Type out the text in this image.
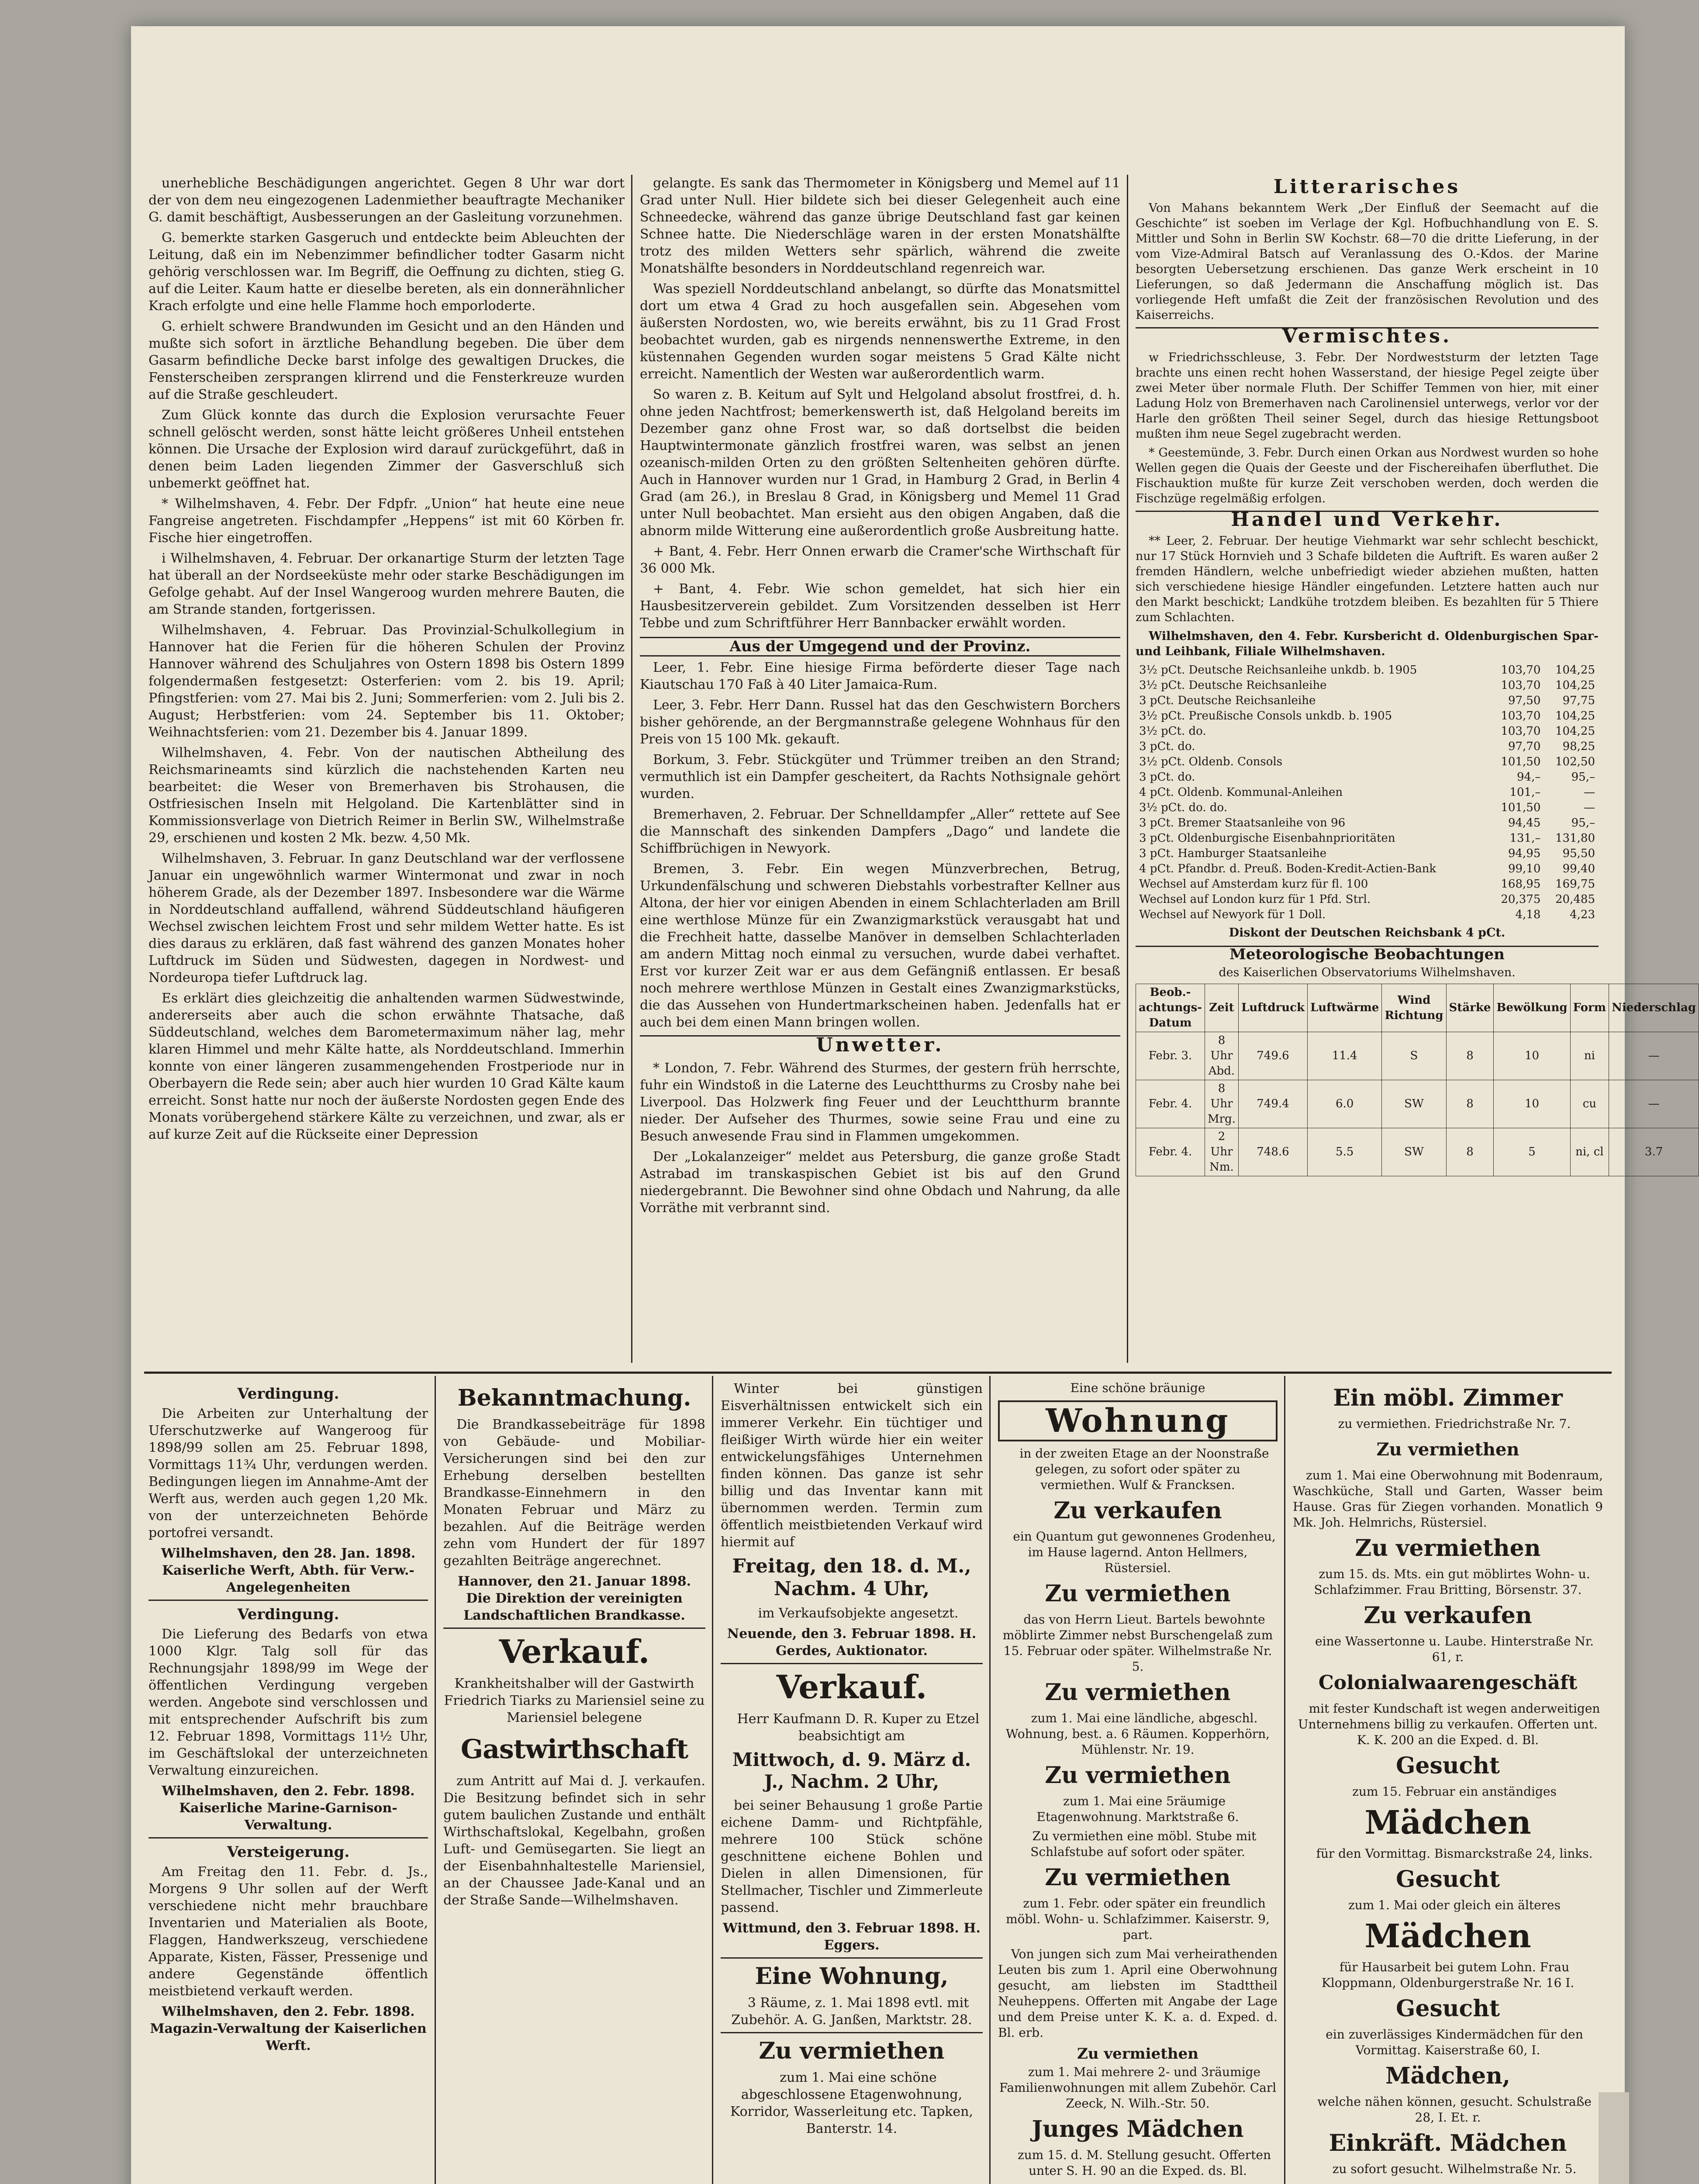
unerhebliche Beschädigungen angerichtet. Gegen 8 Uhr war dort der von dem neu eingezogenen Ladenmiether beauftragte Mechaniker G. damit beschäftigt, Ausbesserungen an der Gasleitung vorzunehmen.

G. bemerkte starken Gasgeruch und entdeckte beim Ableuchten der Leitung, daß ein im Nebenzimmer befindlicher todter Gasarm nicht gehörig verschlossen war. Im Begriff, die Oeffnung zu dichten, stieg G. auf die Leiter. Kaum hatte er dieselbe bereten, als ein donnerähnlicher Krach erfolgte und eine helle Flamme hoch emporloderte.

G. erhielt schwere Brandwunden im Gesicht und an den Händen und mußte sich sofort in ärztliche Behandlung begeben. Die über dem Gasarm befindliche Decke barst infolge des gewaltigen Druckes, die Fensterscheiben zersprangen klirrend und die Fensterkreuze wurden auf die Straße geschleudert.

Zum Glück konnte das durch die Explosion verursachte Feuer schnell gelöscht werden, sonst hätte leicht größeres Unheil entstehen können. Die Ursache der Explosion wird darauf zurückgeführt, daß in denen beim Laden liegenden Zimmer der Gasverschluß sich unbemerkt geöffnet hat.

* Wilhelmshaven, 4. Febr. Der Fdpfr. „Union“ hat heute eine neue Fangreise angetreten. Fischdampfer „Heppens“ ist mit 60 Körben fr. Fische hier eingetroffen.

i Wilhelmshaven, 4. Februar. Der orkanartige Sturm der letzten Tage hat überall an der Nordseeküste mehr oder starke Beschädigungen im Gefolge gehabt. Auf der Insel Wangeroog wurden mehrere Bauten, die am Strande standen, fortgerissen.

Wilhelmshaven, 4. Februar. Das Provinzial-Schulkollegium in Hannover hat die Ferien für die höheren Schulen der Provinz Hannover während des Schuljahres von Ostern 1898 bis Ostern 1899 folgendermaßen festgesetzt: Osterferien: vom 2. bis 19. April; Pfingstferien: vom 27. Mai bis 2. Juni; Sommerferien: vom 2. Juli bis 2. August; Herbstferien: vom 24. September bis 11. Oktober; Weihnachtsferien: vom 21. Dezember bis 4. Januar 1899.

Wilhelmshaven, 4. Febr. Von der nautischen Abtheilung des Reichsmarineamts sind kürzlich die nachstehenden Karten neu bearbeitet: die Weser von Bremerhaven bis Strohausen, die Ostfriesischen Inseln mit Helgoland. Die Kartenblätter sind in Kommissionsverlage von Dietrich Reimer in Berlin SW., Wilhelmstraße 29, erschienen und kosten 2 Mk. bezw. 4,50 Mk.

Wilhelmshaven, 3. Februar. In ganz Deutschland war der verflossene Januar ein ungewöhnlich warmer Wintermonat und zwar in noch höherem Grade, als der Dezember 1897. Insbesondere war die Wärme in Norddeutschland auffallend, während Süddeutschland häufigeren Wechsel zwischen leichtem Frost und sehr mildem Wetter hatte. Es ist dies daraus zu erklären, daß fast während des ganzen Monates hoher Luftdruck im Süden und Südwesten, dagegen in Nordwest- und Nordeuropa tiefer Luftdruck lag.

Es erklärt dies gleichzeitig die anhaltenden warmen Südwestwinde, andererseits aber auch die schon erwähnte Thatsache, daß Süddeutschland, welches dem Barometermaximum näher lag, mehr klaren Himmel und mehr Kälte hatte, als Norddeutschland. Immerhin konnte von einer längeren zusammengehenden Frostperiode nur in Oberbayern die Rede sein; aber auch hier wurden 10 Grad Kälte kaum erreicht. Sonst hatte nur noch der äußerste Nordosten gegen Ende des Monats vorübergehend stärkere Kälte zu verzeichnen, und zwar, als er auf kurze Zeit auf die Rückseite einer Depression

gelangte. Es sank das Thermometer in Königsberg und Memel auf 11 Grad unter Null. Hier bildete sich bei dieser Gelegenheit auch eine Schneedecke, während das ganze übrige Deutschland fast gar keinen Schnee hatte. Die Niederschläge waren in der ersten Monatshälfte trotz des milden Wetters sehr spärlich, während die zweite Monatshälfte besonders in Norddeutschland regenreich war.

Was speziell Norddeutschland anbelangt, so dürfte das Monatsmittel dort um etwa 4 Grad zu hoch ausgefallen sein. Abgesehen vom äußersten Nordosten, wo, wie bereits erwähnt, bis zu 11 Grad Frost beobachtet wurden, gab es nirgends nennenswerthe Extreme, in den küstennahen Gegenden wurden sogar meistens 5 Grad Kälte nicht erreicht. Namentlich der Westen war außerordentlich warm.

So waren z. B. Keitum auf Sylt und Helgoland absolut frostfrei, d. h. ohne jeden Nachtfrost; bemerkenswerth ist, daß Helgoland bereits im Dezember ganz ohne Frost war, so daß dortselbst die beiden Hauptwintermonate gänzlich frostfrei waren, was selbst an jenen ozeanisch-milden Orten zu den größten Seltenheiten gehören dürfte. Auch in Hannover wurden nur 1 Grad, in Hamburg 2 Grad, in Berlin 4 Grad (am 26.), in Breslau 8 Grad, in Königsberg und Memel 11 Grad unter Null beobachtet. Man ersieht aus den obigen Angaben, daß die abnorm milde Witterung eine außerordentlich große Ausbreitung hatte.

+ Bant, 4. Febr. Herr Onnen erwarb die Cramer'sche Wirthschaft für 36 000 Mk.

+ Bant, 4. Febr. Wie schon gemeldet, hat sich hier ein Hausbesitzerverein gebildet. Zum Vorsitzenden desselben ist Herr Tebbe und zum Schriftführer Herr Bannbacker erwählt worden.

Aus der Umgegend und der Provinz.

Leer, 1. Febr. Eine hiesige Firma beförderte dieser Tage nach Kiautschau 170 Faß à 40 Liter Jamaica-Rum.

Leer, 3. Febr. Herr Dann. Russel hat das den Geschwistern Borchers bisher gehörende, an der Bergmannstraße gelegene Wohnhaus für den Preis von 15 100 Mk. gekauft.

Borkum, 3. Febr. Stückgüter und Trümmer treiben an den Strand; vermuthlich ist ein Dampfer gescheitert, da Rachts Nothsignale gehört wurden.

Bremerhaven, 2. Februar. Der Schnelldampfer „Aller“ rettete auf See die Mannschaft des sinkenden Dampfers „Dago“ und landete die Schiffbrüchigen in Newyork.

Bremen, 3. Febr. Ein wegen Münzverbrechen, Betrug, Urkundenfälschung und schweren Diebstahls vorbestrafter Kellner aus Altona, der hier vor einigen Abenden in einem Schlachterladen am Brill eine werthlose Münze für ein Zwanzigmarkstück verausgabt hat und die Frechheit hatte, dasselbe Manöver in demselben Schlachterladen am andern Mittag noch einmal zu versuchen, wurde dabei verhaftet. Erst vor kurzer Zeit war er aus dem Gefängniß entlassen. Er besaß noch mehrere werthlose Münzen in Gestalt eines Zwanzigmarkstücks, die das Aussehen von Hundertmarkscheinen haben. Jedenfalls hat er auch bei dem einen Mann bringen wollen.

Unwetter.

* London, 7. Febr. Während des Sturmes, der gestern früh herrschte, fuhr ein Windstoß in die Laterne des Leuchtthurms zu Crosby nahe bei Liverpool. Das Holzwerk fing Feuer und der Leuchtthurm brannte nieder. Der Aufseher des Thurmes, sowie seine Frau und eine zu Besuch anwesende Frau sind in Flammen umgekommen.

Der „Lokalanzeiger“ meldet aus Petersburg, die ganze große Stadt Astrabad im transkaspischen Gebiet ist bis auf den Grund niedergebrannt. Die Bewohner sind ohne Obdach und Nahrung, da alle Vorräthe mit verbrannt sind.

Litterarisches

Von Mahans bekanntem Werk „Der Einfluß der Seemacht auf die Geschichte“ ist soeben im Verlage der Kgl. Hofbuchhandlung von E. S. Mittler und Sohn in Berlin SW Kochstr. 68—70 die dritte Lieferung, in der vom Vize-Admiral Batsch auf Veranlassung des O.-Kdos. der Marine besorgten Uebersetzung erschienen. Das ganze Werk erscheint in 10 Lieferungen, so daß Jedermann die Anschaffung möglich ist. Das vorliegende Heft umfaßt die Zeit der französischen Revolution und des Kaiserreichs.

Vermischtes.

w Friedrichsschleuse, 3. Febr. Der Nordweststurm der letzten Tage brachte uns einen recht hohen Wasserstand, der hiesige Pegel zeigte über zwei Meter über normale Fluth. Der Schiffer Temmen von hier, mit einer Ladung Holz von Bremerhaven nach Carolinensiel unterwegs, verlor vor der Harle den größten Theil seiner Segel, durch das hiesige Rettungsboot mußten ihm neue Segel zugebracht werden.

* Geestemünde, 3. Febr. Durch einen Orkan aus Nordwest wurden so hohe Wellen gegen die Quais der Geeste und der Fischereihafen überfluthet. Die Fischauktion mußte für kurze Zeit verschoben werden, doch werden die Fischzüge regelmäßig erfolgen.

Handel und Verkehr.

** Leer, 2. Februar. Der heutige Viehmarkt war sehr schlecht beschickt, nur 17 Stück Hornvieh und 3 Schafe bildeten die Auftrift. Es waren außer 2 fremden Händlern, welche unbefriedigt wieder abziehen mußten, hatten sich verschiedene hiesige Händler eingefunden. Letztere hatten auch nur den Markt beschickt; Landkühe trotzdem bleiben. Es bezahlten für 5 Thiere zum Schlachten.

Wilhelmshaven, den 4. Febr. Kursbericht d. Oldenburgischen Spar- und Leihbank, Filiale Wilhelmshaven.

3½ pCt. Deutsche Reichsanleihe unkdb. b. 1905	103,70	104,25
3½ pCt. Deutsche Reichsanleihe	103,70	104,25
3 pCt. Deutsche Reichsanleihe	97,50	97,75
3½ pCt. Preußische Consols unkdb. b. 1905	103,70	104,25
3½ pCt. do.	103,70	104,25
3 pCt. do.	97,70	98,25
3½ pCt. Oldenb. Consols	101,50	102,50
3 pCt. do.	94,–	95,–
4 pCt. Oldenb. Kommunal-Anleihen	101,–	—
3½ pCt. do. do.	101,50	—
3 pCt. Bremer Staatsanleihe von 96	94,45	95,–
3 pCt. Oldenburgische Eisenbahnprioritäten	131,–	131,80
3 pCt. Hamburger Staatsanleihe	94,95	95,50
4 pCt. Pfandbr. d. Preuß. Boden-Kredit-Actien-Bank	99,10	99,40
Wechsel auf Amsterdam kurz für fl. 100	168,95	169,75
Wechsel auf London kurz für 1 Pfd. Strl.	20,375	20,485
Wechsel auf Newyork für 1 Doll.	4,18	4,23
Diskont der Deutschen Reichsbank 4 pCt.
Meteorologische Beobachtungen
des Kaiserlichen Observatoriums Wilhelmshaven.
Beob.-achtungs-Datum	Zeit	Luftdruck	Luftwärme	Wind Richtung	Stärke	Bewölkung	Form	Niederschlag
Febr. 3.	8 Uhr Abd.	749.6	11.4	S	8	10	ni	—
Febr. 4.	8 Uhr Mrg.	749.4	6.0	SW	8	10	cu	—
Febr. 4.	2 Uhr Nm.	748.6	5.5	SW	8	5	ni, cl	3.7
Verdingung.

Die Arbeiten zur Unterhaltung der Uferschutzwerke auf Wangeroog für 1898/99 sollen am 25. Februar 1898, Vormittags 11¾ Uhr, verdungen werden. Bedingungen liegen im Annahme-Amt der Werft aus, werden auch gegen 1,20 Mk. von der unterzeichneten Behörde portofrei versandt.

Wilhelmshaven, den 28. Jan. 1898. Kaiserliche Werft, Abth. für Verw.-Angelegenheiten

Verdingung.

Die Lieferung des Bedarfs von etwa 1000 Klgr. Talg soll für das Rechnungsjahr 1898/99 im Wege der öffentlichen Verdingung vergeben werden. Angebote sind verschlossen und mit entsprechender Aufschrift bis zum 12. Februar 1898, Vormittags 11½ Uhr, im Geschäftslokal der unterzeichneten Verwaltung einzureichen.

Wilhelmshaven, den 2. Febr. 1898. Kaiserliche Marine-Garnison-Verwaltung.

Versteigerung.

Am Freitag den 11. Febr. d. Js., Morgens 9 Uhr sollen auf der Werft verschiedene nicht mehr brauchbare Inventarien und Materialien als Boote, Flaggen, Handwerkszeug, verschiedene Apparate, Kisten, Fässer, Pressenige und andere Gegenstände öffentlich meistbietend verkauft werden.

Wilhelmshaven, den 2. Febr. 1898. Magazin-Verwaltung der Kaiserlichen Werft.

Bekanntmachung.

Die Brandkassebeiträge für 1898 von Gebäude- und Mobiliar-Versicherungen sind bei den zur Erhebung derselben bestellten Brandkasse-Einnehmern in den Monaten Februar und März zu bezahlen. Auf die Beiträge werden zehn vom Hundert der für 1897 gezahlten Beiträge angerechnet.

Hannover, den 21. Januar 1898. Die Direktion der vereinigten Landschaftlichen Brandkasse.

Verkauf.

Krankheitshalber will der Gastwirth Friedrich Tiarks zu Mariensiel seine zu Mariensiel belegene

Gastwirthschaft

zum Antritt auf Mai d. J. verkaufen. Die Besitzung befindet sich in sehr gutem baulichen Zustande und enthält Wirthschaftslokal, Kegelbahn, großen Luft- und Gemüsegarten. Sie liegt an der Eisenbahnhaltestelle Mariensiel, an der Chaussee Jade-Kanal und an der Straße Sande—Wilhelmshaven.

Winter bei günstigen Eisverhältnissen entwickelt sich ein immerer Verkehr. Ein tüchtiger und fleißiger Wirth würde hier ein weiter entwickelungsfähiges Unternehmen finden können. Das ganze ist sehr billig und das Inventar kann mit übernommen werden. Termin zum öffentlich meistbietenden Verkauf wird hiermit auf

Freitag, den 18. d. M., Nachm. 4 Uhr,

im Verkaufsobjekte angesetzt.

Neuende, den 3. Februar 1898. H. Gerdes, Auktionator.

Verkauf.

Herr Kaufmann D. R. Kuper zu Etzel beabsichtigt am

Mittwoch, d. 9. März d. J., Nachm. 2 Uhr,

bei seiner Behausung 1 große Partie eichene Damm- und Richtpfähle, mehrere 100 Stück schöne geschnittene eichene Bohlen und Dielen in allen Dimensionen, für Stellmacher, Tischler und Zimmerleute passend.

Wittmund, den 3. Februar 1898. H. Eggers.

Eine Wohnung,

3 Räume, z. 1. Mai 1898 evtl. mit Zubehör. A. G. Janßen, Marktstr. 28.

Zu vermiethen

zum 1. Mai eine schöne abgeschlossene Etagenwohnung, Korridor, Wasserleitung etc. Tapken, Banterstr. 14.

Eine schöne bräunige

Wohnung

in der zweiten Etage an der Noonstraße gelegen, zu sofort oder später zu vermiethen. Wulf & Francksen.

Zu verkaufen

ein Quantum gut gewonnenes Grodenheu, im Hause lagernd. Anton Hellmers, Rüstersiel.

Zu vermiethen

das von Herrn Lieut. Bartels bewohnte möblirte Zimmer nebst Burschengelaß zum 15. Februar oder später. Wilhelmstraße Nr. 5.

Zu vermiethen

zum 1. Mai eine ländliche, abgeschl. Wohnung, best. a. 6 Räumen. Kopperhörn, Mühlenstr. Nr. 19.

Zu vermiethen

zum 1. Mai eine 5räumige Etagenwohnung. Marktstraße 6.

Zu vermiethen eine möbl. Stube mit Schlafstube auf sofort oder später.

Zu vermiethen

zum 1. Febr. oder später ein freundlich möbl. Wohn- u. Schlafzimmer. Kaiserstr. 9, part.

Von jungen sich zum Mai verheirathenden Leuten bis zum 1. April eine Oberwohnung gesucht, am liebsten im Stadttheil Neuheppens. Offerten mit Angabe der Lage und dem Preise unter K. K. a. d. Exped. d. Bl. erb.

Zu vermiethen

zum 1. Mai mehrere 2- und 3räumige Familienwohnungen mit allem Zubehör. Carl Zeeck, N. Wilh.-Str. 50.

Junges Mädchen

zum 15. d. M. Stellung gesucht. Offerten unter S. H. 90 an die Exped. ds. Bl.

Ein möbl. Zimmer

zu vermiethen. Friedrichstraße Nr. 7.

Zu vermiethen

zum 1. Mai eine Oberwohnung mit Bodenraum, Waschküche, Stall und Garten, Wasser beim Hause. Gras für Ziegen vorhanden. Monatlich 9 Mk. Joh. Helmrichs, Rüstersiel.

Zu vermiethen

zum 15. ds. Mts. ein gut möblirtes Wohn- u. Schlafzimmer. Frau Britting, Börsenstr. 37.

Zu verkaufen

eine Wassertonne u. Laube. Hinterstraße Nr. 61, r.

Colonialwaarengeschäft

mit fester Kundschaft ist wegen anderweitigen Unternehmens billig zu verkaufen. Offerten unt. K. K. 200 an die Exped. d. Bl.

Gesucht

zum 15. Februar ein anständiges

Mädchen

für den Vormittag. Bismarckstraße 24, links.

Gesucht

zum 1. Mai oder gleich ein älteres

Mädchen

für Hausarbeit bei gutem Lohn. Frau Kloppmann, Oldenburgerstraße Nr. 16 I.

Gesucht

ein zuverlässiges Kindermädchen für den Vormittag. Kaiserstraße 60, I.

Mädchen,

welche nähen können, gesucht. Schulstraße 28, I. Et. r.

Einkräft. Mädchen

zu sofort gesucht. Wilhelmstraße Nr. 5.
